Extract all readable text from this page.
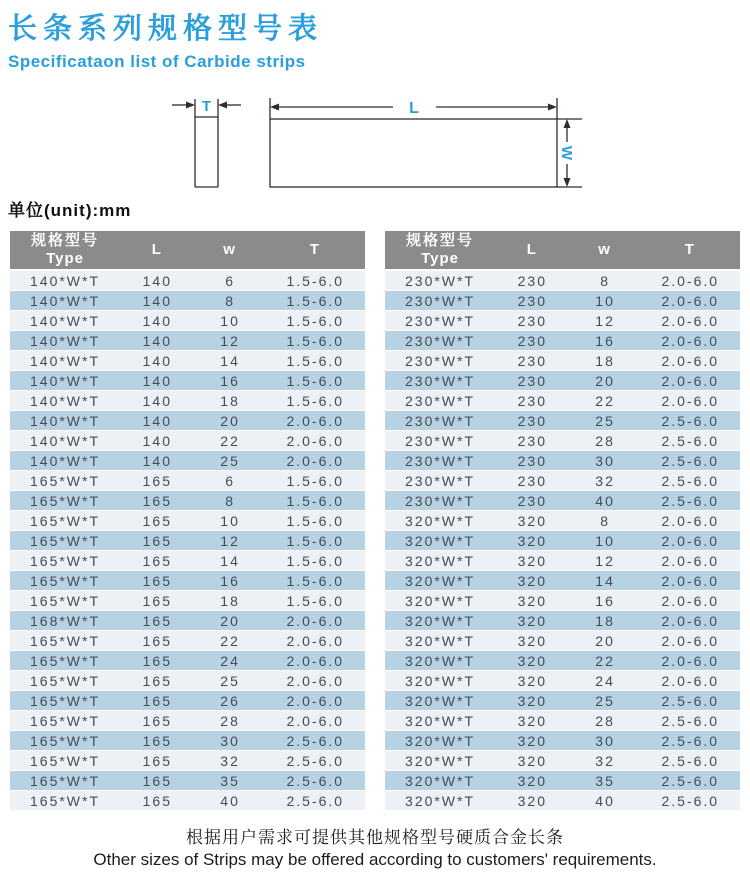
长条系列规格型号表
Specificataon list of Carbide strips
T	L
W
单位(unit):mm
规格型号
Type	L	w	T
140*W*T	140	6	1.5-6.0
140*W*T	140	8	1.5-6.0
140*W*T	140	10	1.5-6.0
140*W*T	140	12	1.5-6.0
140*W*T	140	14	1.5-6.0
140*W*T	140	16	1.5-6.0
140*W*T	140	18	1.5-6.0
140*W*T	140	20	2.0-6.0
140*W*T	140	22	2.0-6.0
140*W*T	140	25	2.0-6.0
165*W*T	165	6	1.5-6.0
165*W*T	165	8	1.5-6.0
165*W*T	165	10	1.5-6.0
165*W*T	165	12	1.5-6.0
165*W*T	165	14	1.5-6.0
165*W*T	165	16	1.5-6.0
165*W*T	165	18	1.5-6.0
168*W*T	165	20	2.0-6.0
165*W*T	165	22	2.0-6.0
165*W*T	165	24	2.0-6.0
165*W*T	165	25	2.0-6.0
165*W*T	165	26	2.0-6.0
165*W*T	165	28	2.0-6.0
165*W*T	165	30	2.5-6.0
165*W*T	165	32	2.5-6.0
165*W*T	165	35	2.5-6.0
165*W*T	165	40	2.5-6.0
规格型号
Type	L	w	T
230*W*T	230	8	2.0-6.0
230*W*T	230	10	2.0-6.0
230*W*T	230	12	2.0-6.0
230*W*T	230	16	2.0-6.0
230*W*T	230	18	2.0-6.0
230*W*T	230	20	2.0-6.0
230*W*T	230	22	2.0-6.0
230*W*T	230	25	2.5-6.0
230*W*T	230	28	2.5-6.0
230*W*T	230	30	2.5-6.0
230*W*T	230	32	2.5-6.0
230*W*T	230	40	2.5-6.0
320*W*T	320	8	2.0-6.0
320*W*T	320	10	2.0-6.0
320*W*T	320	12	2.0-6.0
320*W*T	320	14	2.0-6.0
320*W*T	320	16	2.0-6.0
320*W*T	320	18	2.0-6.0
320*W*T	320	20	2.0-6.0
320*W*T	320	22	2.0-6.0
320*W*T	320	24	2.0-6.0
320*W*T	320	25	2.5-6.0
320*W*T	320	28	2.5-6.0
320*W*T	320	30	2.5-6.0
320*W*T	320	32	2.5-6.0
320*W*T	320	35	2.5-6.0
320*W*T	320	40	2.5-6.0
根据用户需求可提供其他规格型号硬质合金长条
Other sizes of Strips may be offered according to customers' requirements.
